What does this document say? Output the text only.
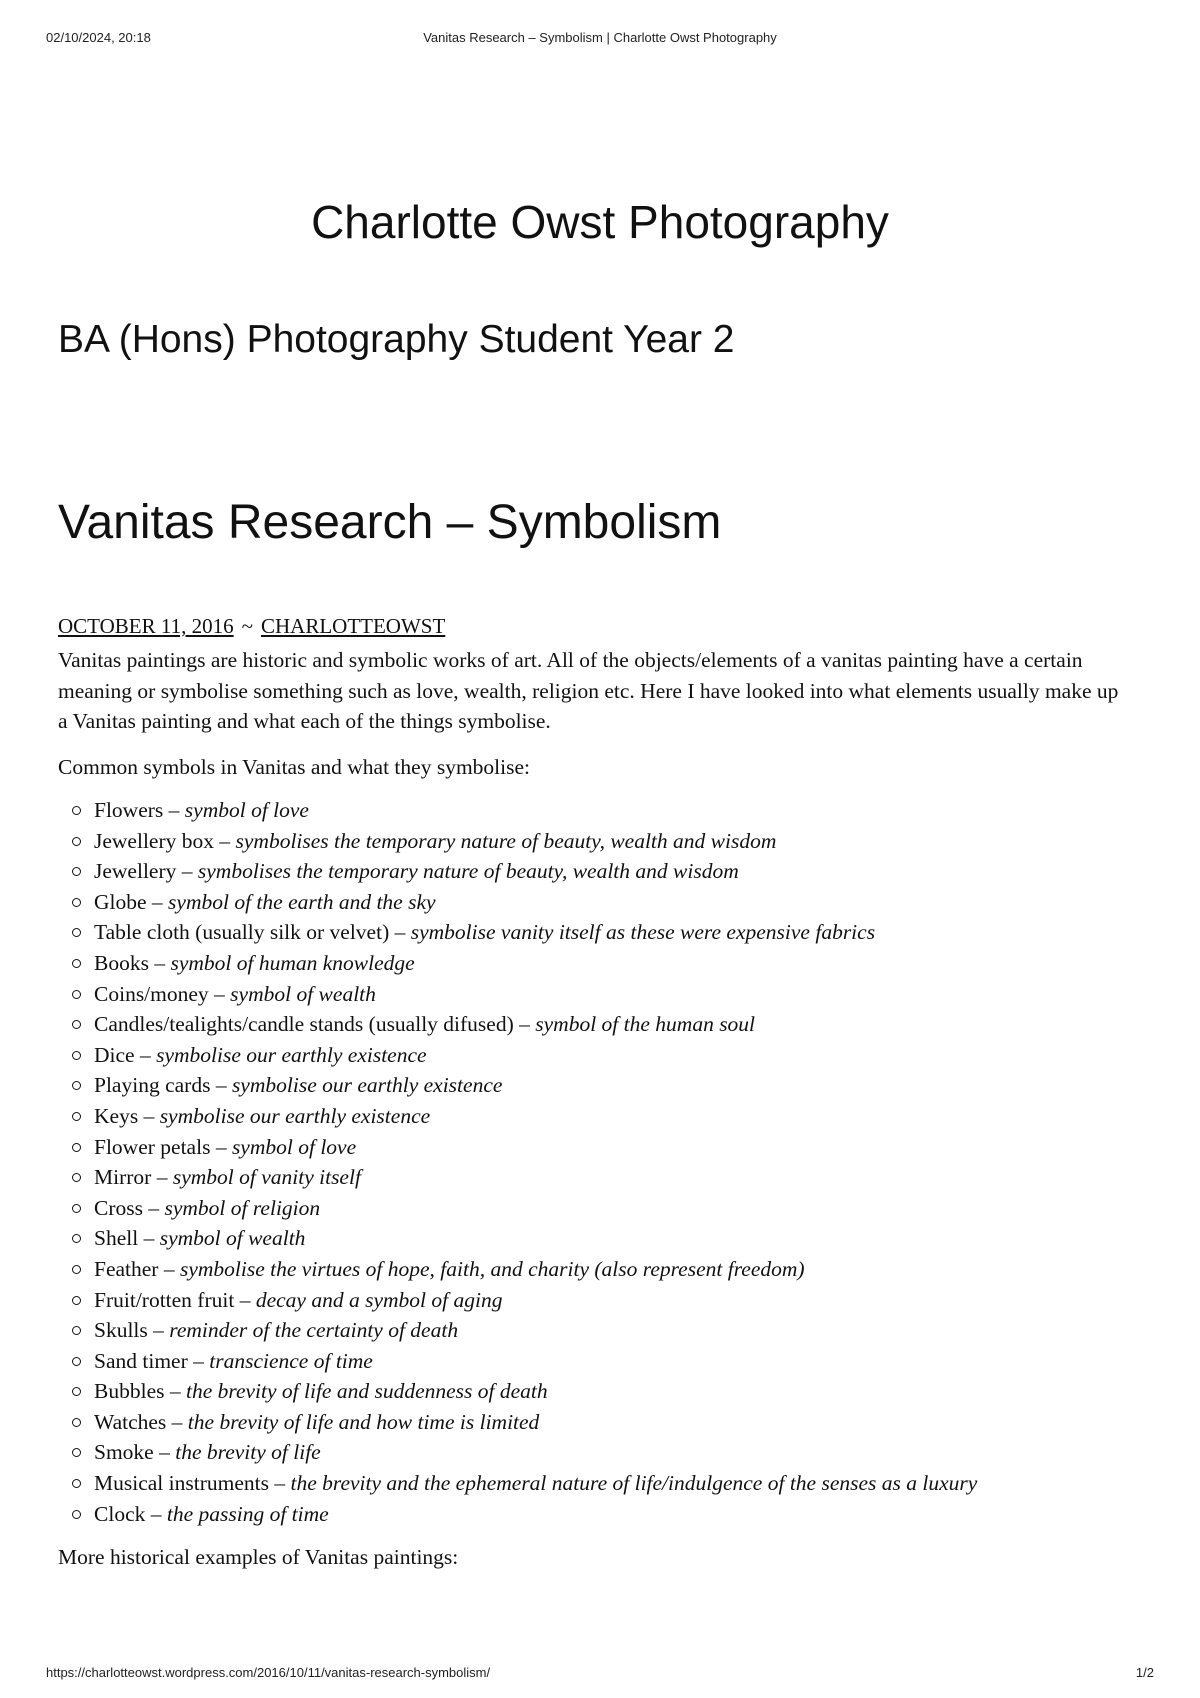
02/10/2024, 20:18	Vanitas Research – Symbolism | Charlotte Owst Photography
Charlotte Owst Photography
BA (Hons) Photography Student Year 2
Vanitas Research – Symbolism
OCTOBER 11, 2016 ~ CHARLOTTEOWST

Vanitas paintings are historic and symbolic works of art. All of the objects/elements of a vanitas painting have a certain meaning or symbolise something such as love, wealth, religion etc. Here I have looked into what elements usually make up a Vanitas painting and what each of the things symbolise.

Common symbols in Vanitas and what they symbolise:

Flowers – symbol of love
Jewellery box – symbolises the temporary nature of beauty, wealth and wisdom
Jewellery – symbolises the temporary nature of beauty, wealth and wisdom
Globe – symbol of the earth and the sky
Table cloth (usually silk or velvet) – symbolise vanity itself as these were expensive fabrics
Books – symbol of human knowledge
Coins/money – symbol of wealth
Candles/tealights/candle stands (usually difused) – symbol of the human soul
Dice – symbolise our earthly existence
Playing cards – symbolise our earthly existence
Keys – symbolise our earthly existence
Flower petals – symbol of love
Mirror – symbol of vanity itself
Cross – symbol of religion
Shell – symbol of wealth
Feather – symbolise the virtues of hope, faith, and charity (also represent freedom)
Fruit/rotten fruit – decay and a symbol of aging
Skulls – reminder of the certainty of death
Sand timer – transcience of time
Bubbles – the brevity of life and suddenness of death
Watches – the brevity of life and how time is limited
Smoke – the brevity of life
Musical instruments – the brevity and the ephemeral nature of life/indulgence of the senses as a luxury
Clock – the passing of time

More historical examples of Vanitas paintings:

https://charlotteowst.wordpress.com/2016/10/11/vanitas-research-symbolism/	1/2
